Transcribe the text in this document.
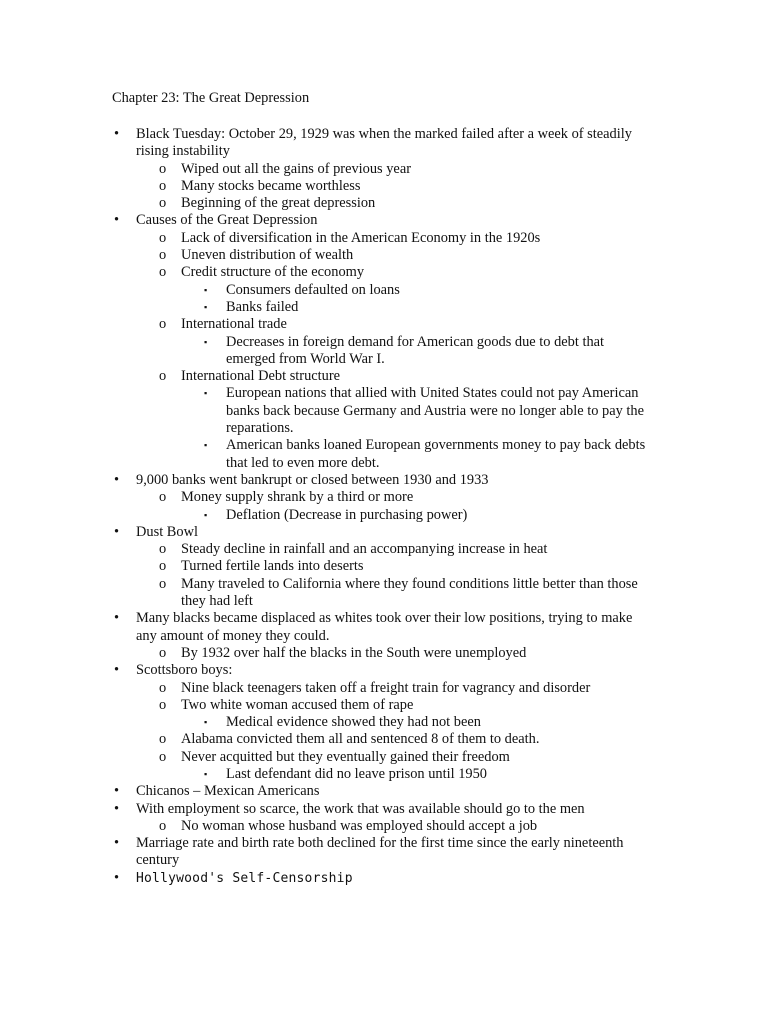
Chapter 23: The Great Depression
•	Black Tuesday: October 29, 1929 was when the marked failed after a week of steadily rising instability
o	Wiped out all the gains of previous year
o	Many stocks became worthless
o	Beginning of the great depression
•	Causes of the Great Depression
o	Lack of diversification in the American Economy in the 1920s
o	Uneven distribution of wealth
o	Credit structure of the economy
▪	Consumers defaulted on loans
▪	Banks failed
o	International trade
▪	Decreases in foreign demand for American goods due to debt that emerged from World War I.
o	International Debt structure
▪	European nations that allied with United States could not pay American banks back because Germany and Austria were no longer able to pay the reparations.
▪	American banks loaned European governments money to pay back debts that led to even more debt.
•	9,000 banks went bankrupt or closed between 1930 and 1933
o	Money supply shrank by a third or more
▪	Deflation (Decrease in purchasing power)
•	Dust Bowl
o	Steady decline in rainfall and an accompanying increase in heat
o	Turned fertile lands into deserts
o	Many traveled to California where they found conditions little better than those they had left
•	Many blacks became displaced as whites took over their low positions, trying to make any amount of money they could.
o	By 1932 over half the blacks in the South were unemployed
•	Scottsboro boys:
o	Nine black teenagers taken off a freight train for vagrancy and disorder
o	Two white woman accused them of rape
▪	Medical evidence showed they had not been
o	Alabama convicted them all and sentenced 8 of them to death.
o	Never acquitted but they eventually gained their freedom
▪	Last defendant did no leave prison until 1950
•	Chicanos – Mexican Americans
•	With employment so scarce, the work that was available should go to the men
o	No woman whose husband was employed should accept a job
•	Marriage rate and birth rate both declined for the first time since the early nineteenth century
•	Hollywood's Self-Censorship
